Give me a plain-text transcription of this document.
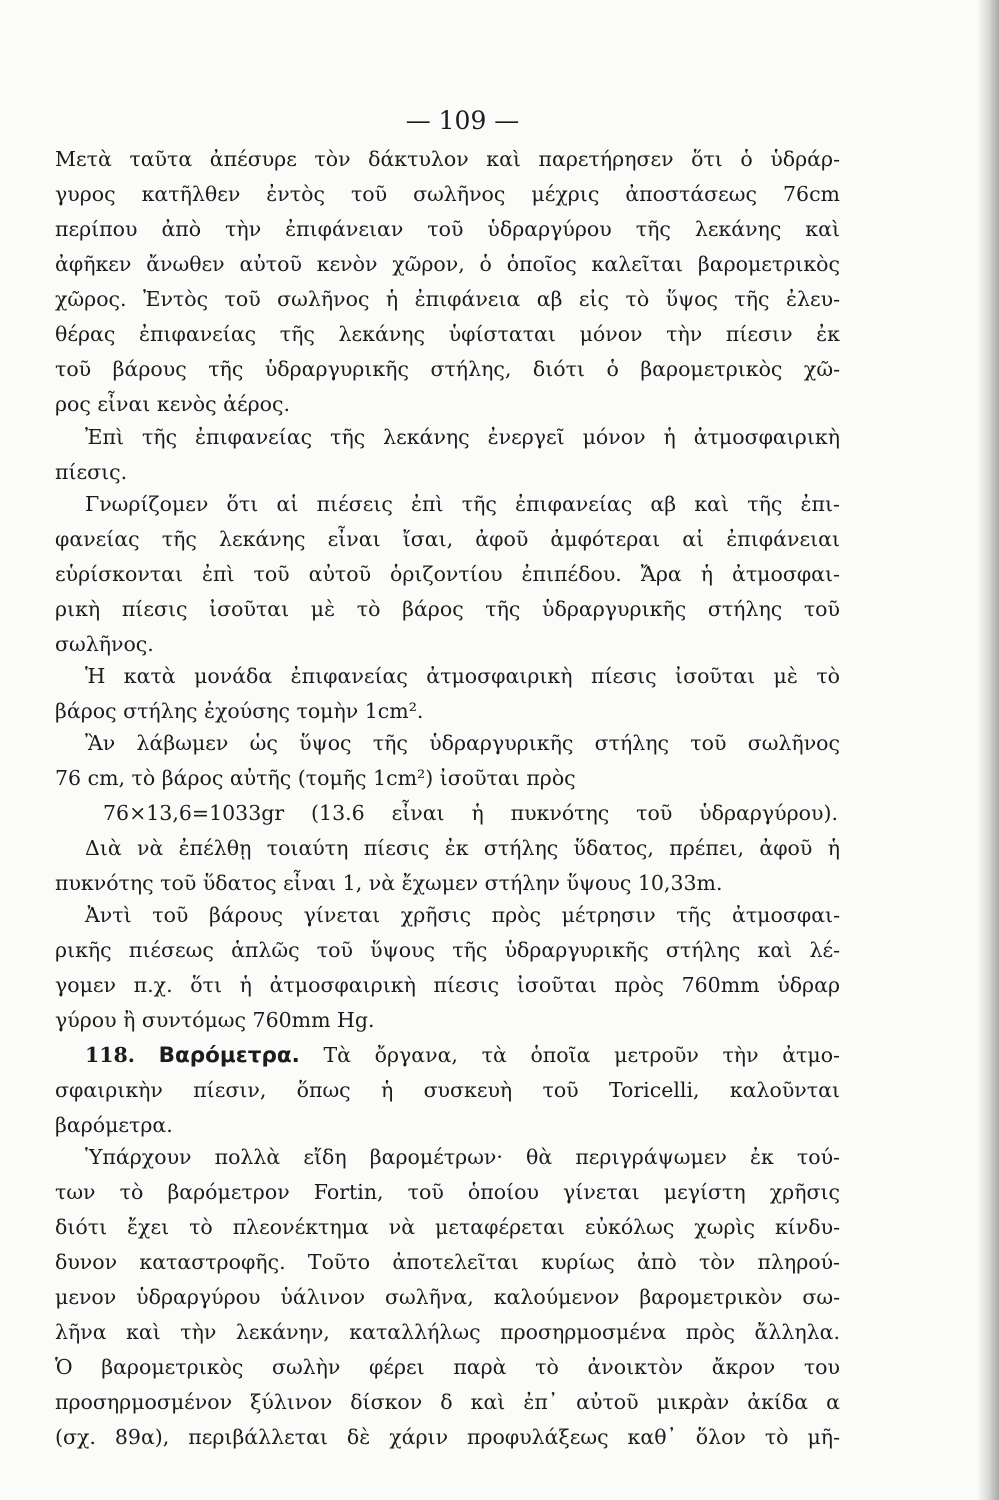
— 109 —
Μετὰ ταῦτα ἀπέσυρε τὸν δάκτυλον καὶ παρετήρησεν ὅτι ὁ ὑδράρ-
γυρος κατῆλθεν ἐντὸς τοῦ σωλῆνος μέχρις ἀποστάσεως 76cm
περίπου ἀπὸ τὴν ἐπιφάνειαν τοῦ ὑδραργύρου τῆς λεκάνης καὶ
ἀφῆκεν ἄνωθεν αὐτοῦ κενὸν χῶρον, ὁ ὁποῖος καλεῖται βαρομετρικὸς
χῶρος. Ἐντὸς τοῦ σωλῆνος ἡ ἐπιφάνεια αβ εἰς τὸ ὕψος τῆς ἐλευ-
θέρας ἐπιφανείας τῆς λεκάνης ὑφίσταται μόνον τὴν πίεσιν ἐκ
τοῦ βάρους τῆς ὑδραργυρικῆς στήλης, διότι ὁ βαρομετρικὸς χῶ-
ρος εἶναι κενὸς ἀέρος.
Ἐπὶ τῆς ἐπιφανείας τῆς λεκάνης ἐνεργεῖ μόνον ἡ ἀτμοσφαιρικὴ
πίεσις.
Γνωρίζομεν ὅτι αἱ πιέσεις ἐπὶ τῆς ἐπιφανείας αβ καὶ τῆς ἐπι-
φανείας τῆς λεκάνης εἶναι ἴσαι, ἀφοῦ ἀμφότεραι αἱ ἐπιφάνειαι
εὑρίσκονται ἐπὶ τοῦ αὐτοῦ ὁριζοντίου ἐπιπέδου. Ἄρα ἡ ἀτμοσφαι-
ρικὴ πίεσις ἰσοῦται μὲ τὸ βάρος τῆς ὑδραργυρικῆς στήλης τοῦ
σωλῆνος.
Ἡ κατὰ μονάδα ἐπιφανείας ἀτμοσφαιρικὴ πίεσις ἰσοῦται μὲ τὸ
βάρος στήλης ἐχούσης τομὴν 1cm².
Ἂν λάβωμεν ὡς ὕψος τῆς ὑδραργυρικῆς στήλης τοῦ σωλῆνος
76 cm, τὸ βάρος αὐτῆς (τομῆς 1cm²) ἰσοῦται πρὸς
76×13,6=1033gr (13.6 εἶναι ἡ πυκνότης τοῦ ὑδραργύρου).
Διὰ νὰ ἐπέλθῃ τοιαύτη πίεσις ἐκ στήλης ὕδατος, πρέπει, ἀφοῦ ἡ
πυκνότης τοῦ ὕδατος εἶναι 1, νὰ ἔχωμεν στήλην ὕψους 10,33m.
Ἀντὶ τοῦ βάρους γίνεται χρῆσις πρὸς μέτρησιν τῆς ἀτμοσφαι-
ρικῆς πιέσεως ἁπλῶς τοῦ ὕψους τῆς ὑδραργυρικῆς στήλης καὶ λέ-
γομεν π.χ. ὅτι ἡ ἀτμοσφαιρικὴ πίεσις ἰσοῦται πρὸς 760mm ὑδραρ
γύρου ἢ συντόμως 760mm Hg.
118. Βαρόμετρα. Τὰ ὄργανα, τὰ ὁποῖα μετροῦν τὴν ἀτμο-
σφαιρικὴν πίεσιν, ὅπως ἡ συσκευὴ τοῦ Toricelli, καλοῦνται
βαρόμετρα.
Ὑπάρχουν πολλὰ εἴδη βαρομέτρων· θὰ περιγράψωμεν ἐκ τού-
των τὸ βαρόμετρον Fortin, τοῦ ὁποίου γίνεται μεγίστη χρῆσις
διότι ἔχει τὸ πλεονέκτημα νὰ μεταφέρεται εὐκόλως χωρὶς κίνδυ-
δυνον καταστροφῆς. Τοῦτο ἀποτελεῖται κυρίως ἀπὸ τὸν πληρού-
μενον ὑδραργύρου ὑάλινον σωλῆνα, καλούμενον βαρομετρικὸν σω-
λῆνα καὶ τὴν λεκάνην, καταλλήλως προσηρμοσμένα πρὸς ἄλληλα.
Ὁ βαρομετρικὸς σωλὴν φέρει παρὰ τὸ ἀνοικτὸν ἄκρον του
προσηρμοσμένον ξύλινον δίσκον δ καὶ ἐπ᾿ αὐτοῦ μικρὰν ἀκίδα α
(σχ. 89α), περιβάλλεται δὲ χάριν προφυλάξεως καθ᾿ ὅλον τὸ μῆ-
